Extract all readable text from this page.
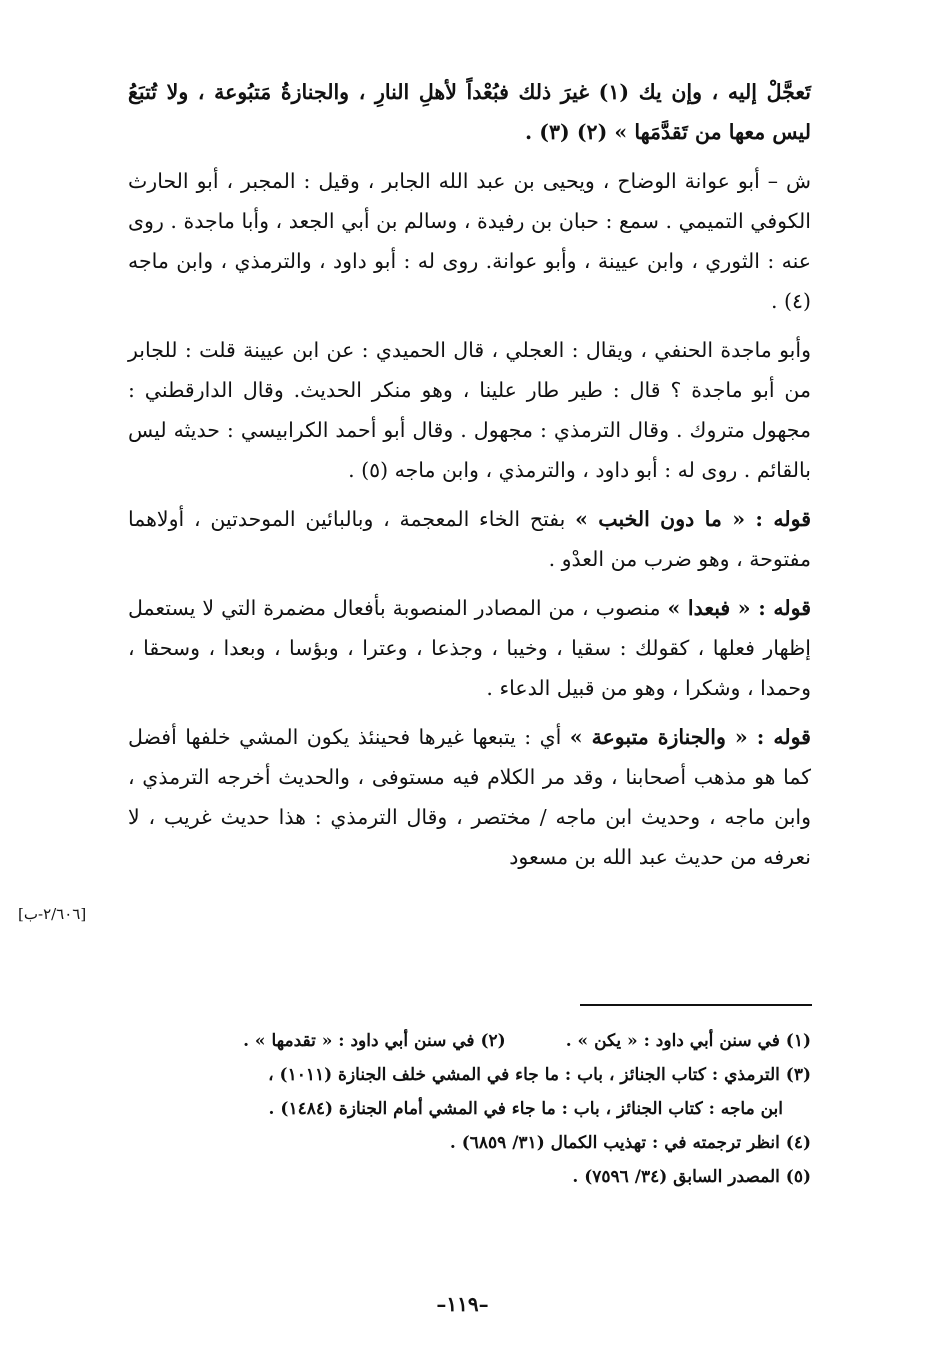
تَعجَّلْ إليه ، وإن يك (١) غيرَ ذلك فبُعْداً لأهلِ النارِ ، والجنازةُ مَتبُوعة ، ولا تُتبَعُ ليس معها من تَقدَّمَها » (٢) (٣) .

ش – أبو عوانة الوضاح ، ويحيى بن عبد الله الجابر ، وقيل : المجبر ، أبو الحارث الكوفي التميمي . سمع : حبان بن رفيدة ، وسالم بن أبي الجعد ، وأبا ماجدة . روى عنه : الثوري ، وابن عيينة ، وأبو عوانة. روى له : أبو داود ، والترمذي ، وابن ماجه (٤) .

وأبو ماجدة الحنفي ، ويقال : العجلي ، قال الحميدي : عن ابن عيينة قلت : للجابر من أبو ماجدة ؟ قال : طير طار علينا ، وهو منكر الحديث. وقال الدارقطني : مجهول متروك . وقال الترمذي : مجهول . وقال أبو أحمد الكرابيسي : حديثه ليس بالقائم . روى له : أبو داود ، والترمذي ، وابن ماجه (٥) .

قوله : « ما دون الخبب » بفتح الخاء المعجمة ، وبالبائين الموحدتين ، أولاهما مفتوحة ، وهو ضرب من العدْو .

قوله : « فبعدا » منصوب ، من المصادر المنصوبة بأفعال مضمرة التي لا يستعمل إظهار فعلها ، كقولك : سقيا ، وخيبا ، وجذعا ، وعترا ، وبؤسا ، وبعدا ، وسحقا ، وحمدا ، وشكرا ، وهو من قبيل الدعاء .

قوله : « والجنازة متبوعة » أي : يتبعها غيرها فحينئذ يكون المشي خلفها أفضل كما هو مذهب أصحابنا ، وقد مر الكلام فيه مستوفى ، والحديث أخرجه الترمذي ، وابن ماجه ، وحديث ابن ماجه / مختصر ، وقال الترمذي : هذا حديث غريب ، لا نعرفه من حديث عبد الله بن مسعود

[٢/٦٠٦-ب]

(١) في سنن أبي داود : « يكن » .

(٢) في سنن أبي داود : « تقدمها » .

(٣) الترمذي : كتاب الجنائز ، باب : ما جاء في المشي خلف الجنازة (١٠١١) ،

ابن ماجه : كتاب الجنائز ، باب : ما جاء في المشي أمام الجنازة (١٤٨٤) .

(٤) انظر ترجمته في : تهذيب الكمال (٣١/ ٦٨٥٩) .

(٥) المصدر السابق (٣٤/ ٧٥٩٦) .

–١١٩–
